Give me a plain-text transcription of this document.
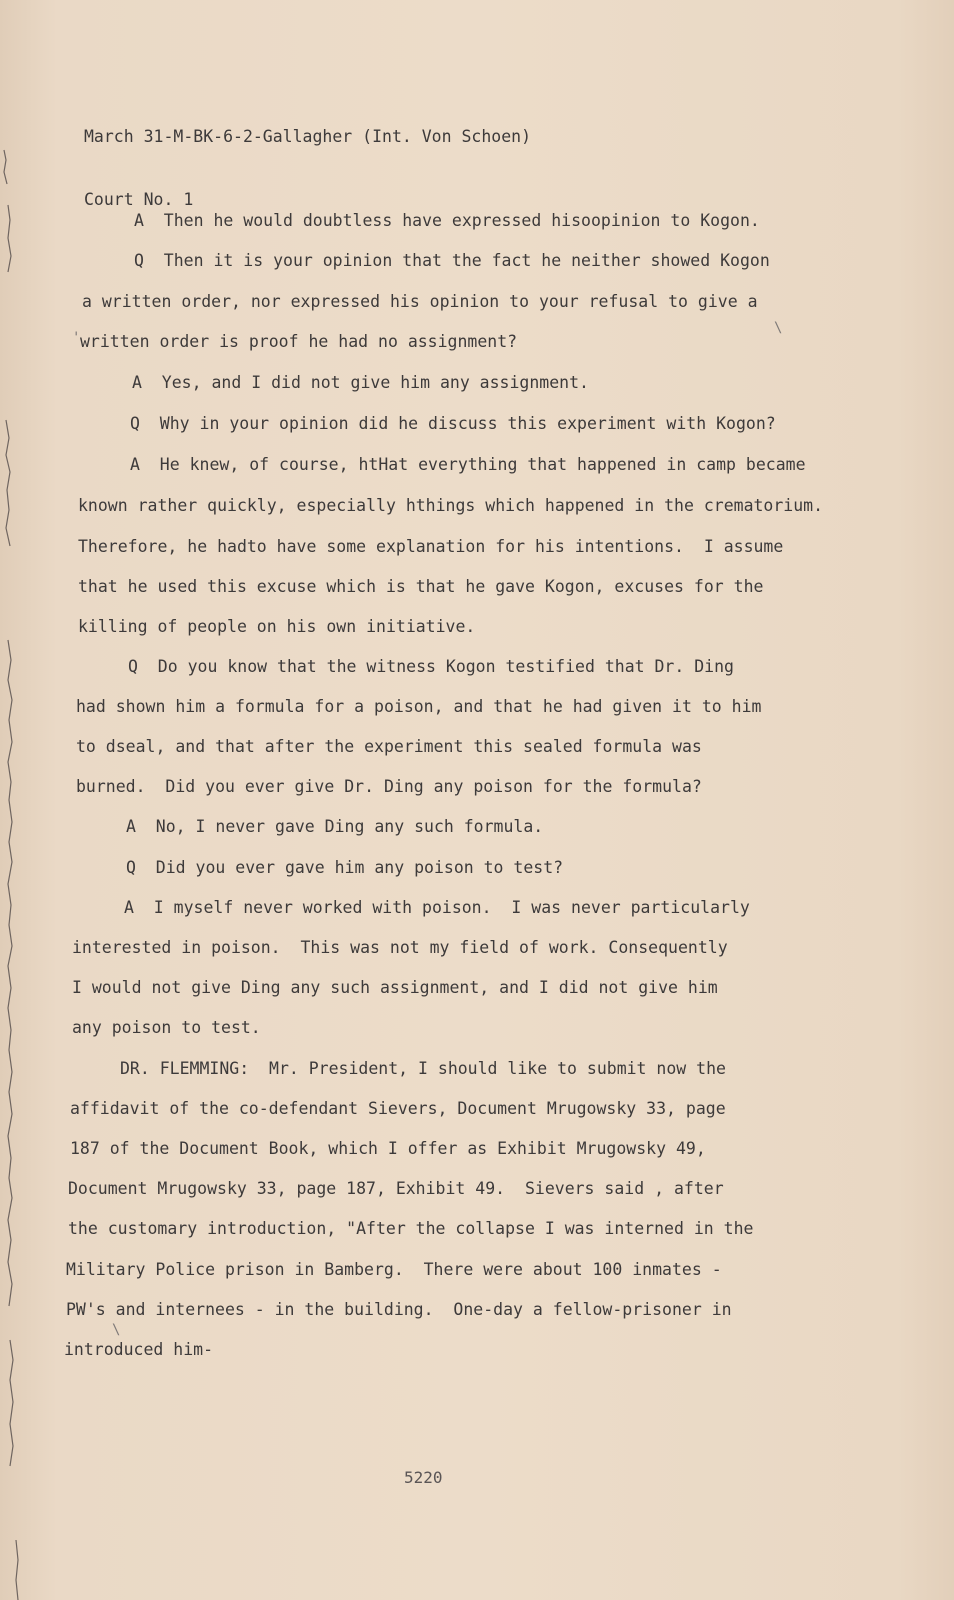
March 31-M-BK-6-2-Gallagher (Int. Von Schoen)

Court No. 1

A  Then he would doubtless have expressed hisoopinion to Kogon.
Q  Then it is your opinion that the fact he neither showed Kogon
a written order, nor expressed his opinion to your refusal to give a
written order is proof he had no assignment?
A  Yes, and I did not give him any assignment.
Q  Why in your opinion did he discuss this experiment with Kogon?
A  He knew, of course, htHat everything that happened in camp became
known rather quickly, especially hthings which happened in the crematorium.
Therefore, he hadto have some explanation for his intentions.  I assume
that he used this excuse which is that he gave Kogon, excuses for the
killing of people on his own initiative.
Q  Do you know that the witness Kogon testified that Dr. Ding
had shown him a formula for a poison, and that he had given it to him
to dseal, and that after the experiment this sealed formula was
burned.  Did you ever give Dr. Ding any poison for the formula?
A  No, I never gave Ding any such formula.
Q  Did you ever gave him any poison to test?
A  I myself never worked with poison.  I was never particularly
interested in poison.  This was not my field of work. Consequently
I would not give Ding any such assignment, and I did not give him
any poison to test.
DR. FLEMMING:  Mr. President, I should like to submit now the
affidavit of the co-defendant Sievers, Document Mrugowsky 33, page
187 of the Document Book, which I offer as Exhibit Mrugowsky 49,
Document Mrugowsky 33, page 187, Exhibit 49.  Sievers said , after
the customary introduction, "After the collapse I was interned in the
Military Police prison in Bamberg.  There were about 100 inmates -
PW's and internees - in the building.  One-day a fellow-prisoner in
introduced him-
\
'
\
5220
